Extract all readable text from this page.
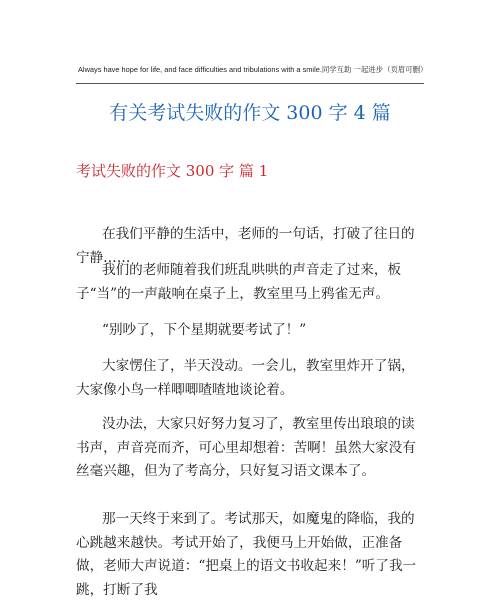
Always have hope for life, and face difficulties and tribulations with a smile.同学互助 一起进步（页眉可删）
有关考试失败的作文 300 字 4 篇
考试失败的作文 300 字 篇 1

在我们平静的生活中，老师的一句话，打破了往日的宁静……

我们的老师随着我们班乱哄哄的声音走了过来，板子“当”的一声敲响在桌子上，教室里马上鸦雀无声。

“别吵了，下个星期就要考试了！”

大家愣住了，半天没动。一会儿，教室里炸开了锅，大家像小鸟一样唧唧喳喳地谈论着。

没办法，大家只好努力复习了，教室里传出琅琅的读书声，声音亮而齐，可心里却想着：苦啊！虽然大家没有丝毫兴趣，但为了考高分，只好复习语文课本了。

那一天终于来到了。考试那天，如魔鬼的降临，我的心跳越来越快。考试开始了，我便马上开始做，正准备做，老师大声说道：“把桌上的语文书收起来！”听了我一跳，打断了我
